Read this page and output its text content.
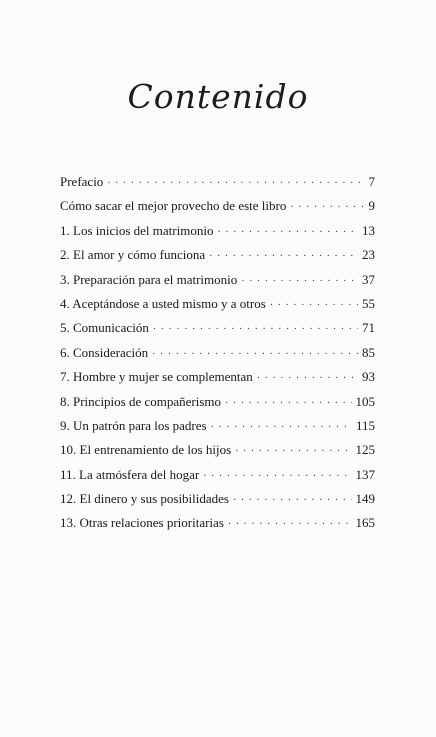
Contenido
Prefacio · · ·	7
Cómo sacar el mejor provecho de este libro · · ·	9
1. Los inicios del matrimonio · · ·	13
2. El amor y cómo funciona · · ·	23
3. Preparación para el matrimonio · · ·	37
4. Aceptándose a usted mismo y a otros · · ·	55
5. Comunicación · · ·	71
6. Consideración · · ·	85
7. Hombre y mujer se complementan · · ·	93
8. Principios de compañerismo · · ·	105
9. Un patrón para los padres · · ·	115
10. El entrenamiento de los hijos · · ·	125
11. La atmósfera del hogar · · ·	137
12. El dinero y sus posibilidades · · ·	149
13. Otras relaciones prioritarias · · ·	165
